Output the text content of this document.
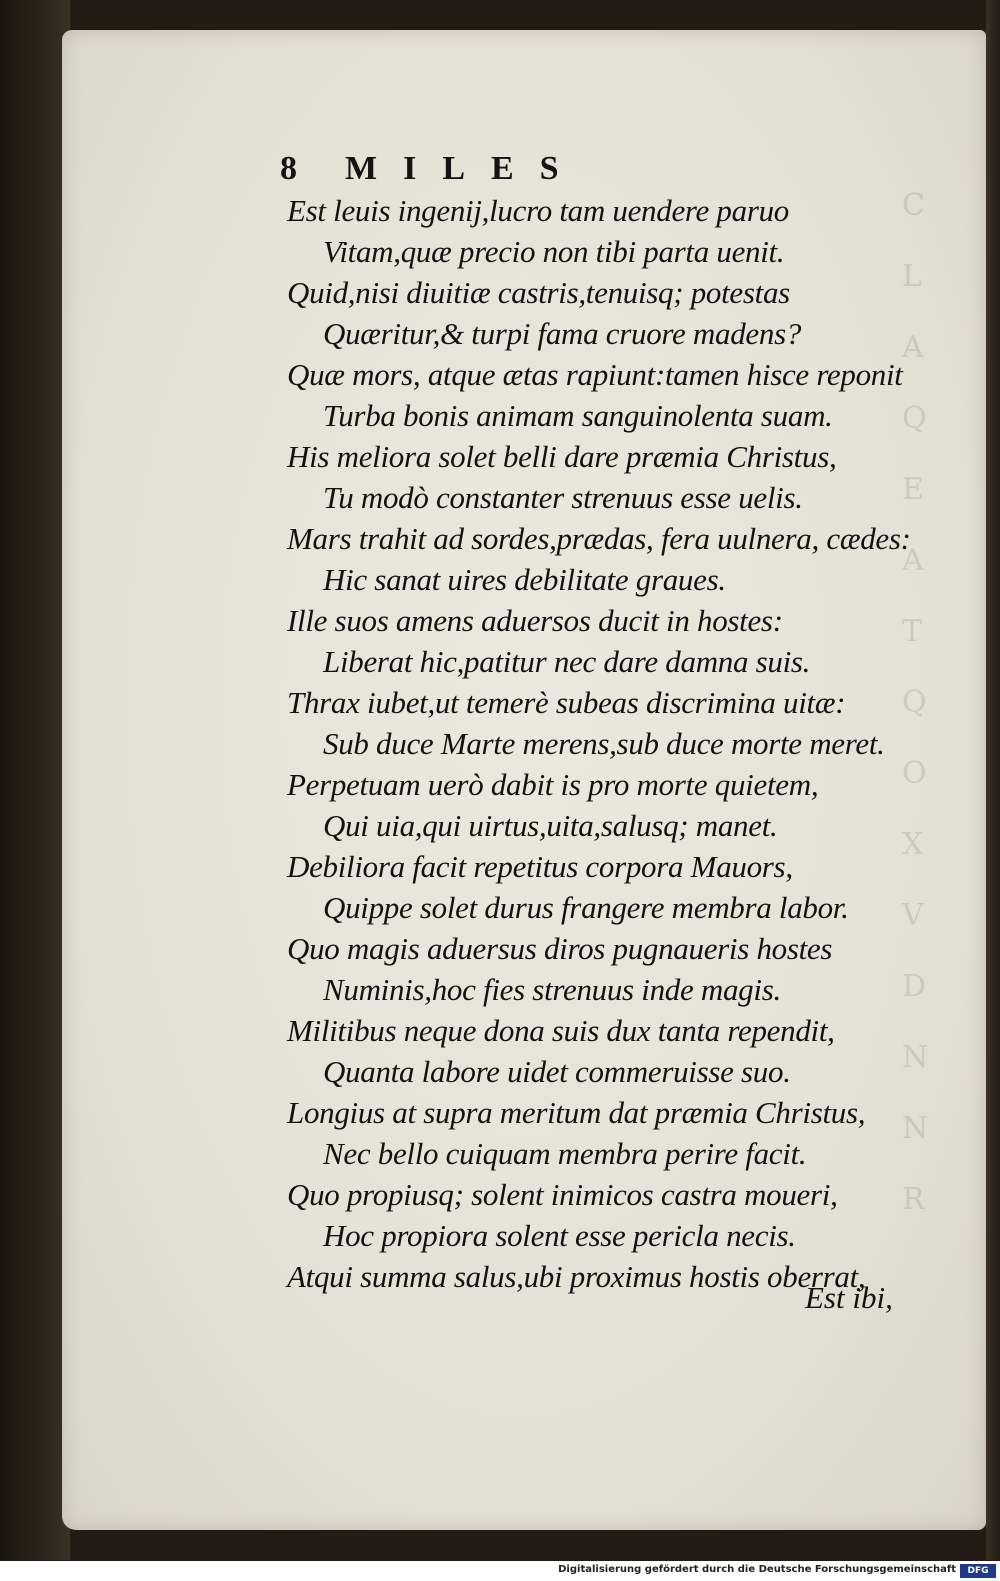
8 MILES
Est leuis ingenij,lucro tam uendere paruo
Vitam,quæ precio non tibi parta uenit.
Quid,nisi diuitiæ castris,tenuisq; potestas
Quæritur,& turpi fama cruore madens?
Quæ mors, atque ætas rapiunt:tamen hisce reponit
Turba bonis animam sanguinolenta suam.
His meliora solet belli dare præmia Christus,
Tu modò constanter strenuus esse uelis.
Mars trahit ad sordes,prædas, fera uulnera, cædes:
Hic sanat uires debilitate graues.
Ille suos amens aduersos ducit in hostes:
Liberat hic,patitur nec dare damna suis.
Thrax iubet,ut temerè subeas discrimina uitæ:
Sub duce Marte merens,sub duce morte meret.
Perpetuam uerò dabit is pro morte quietem,
Qui uia,qui uirtus,uita,salusq; manet.
Debiliora facit repetitus corpora Mauors,
Quippe solet durus frangere membra labor.
Quo magis aduersus diros pugnaueris hostes
Numinis,hoc fies strenuus inde magis.
Militibus neque dona suis dux tanta rependit,
Quanta labore uidet commeruisse suo.
Longius at supra meritum dat præmia Christus,
Nec bello cuiquam membra perire facit.
Quo propiusq; solent inimicos castra moueri,
Hoc propiora solent esse pericla necis.
Atqui summa salus,ubi proximus hostis oberrat,
Est ibi,
Digitalisierung gefördert durch die Deutsche Forschungsgemeinschaft	DFG
